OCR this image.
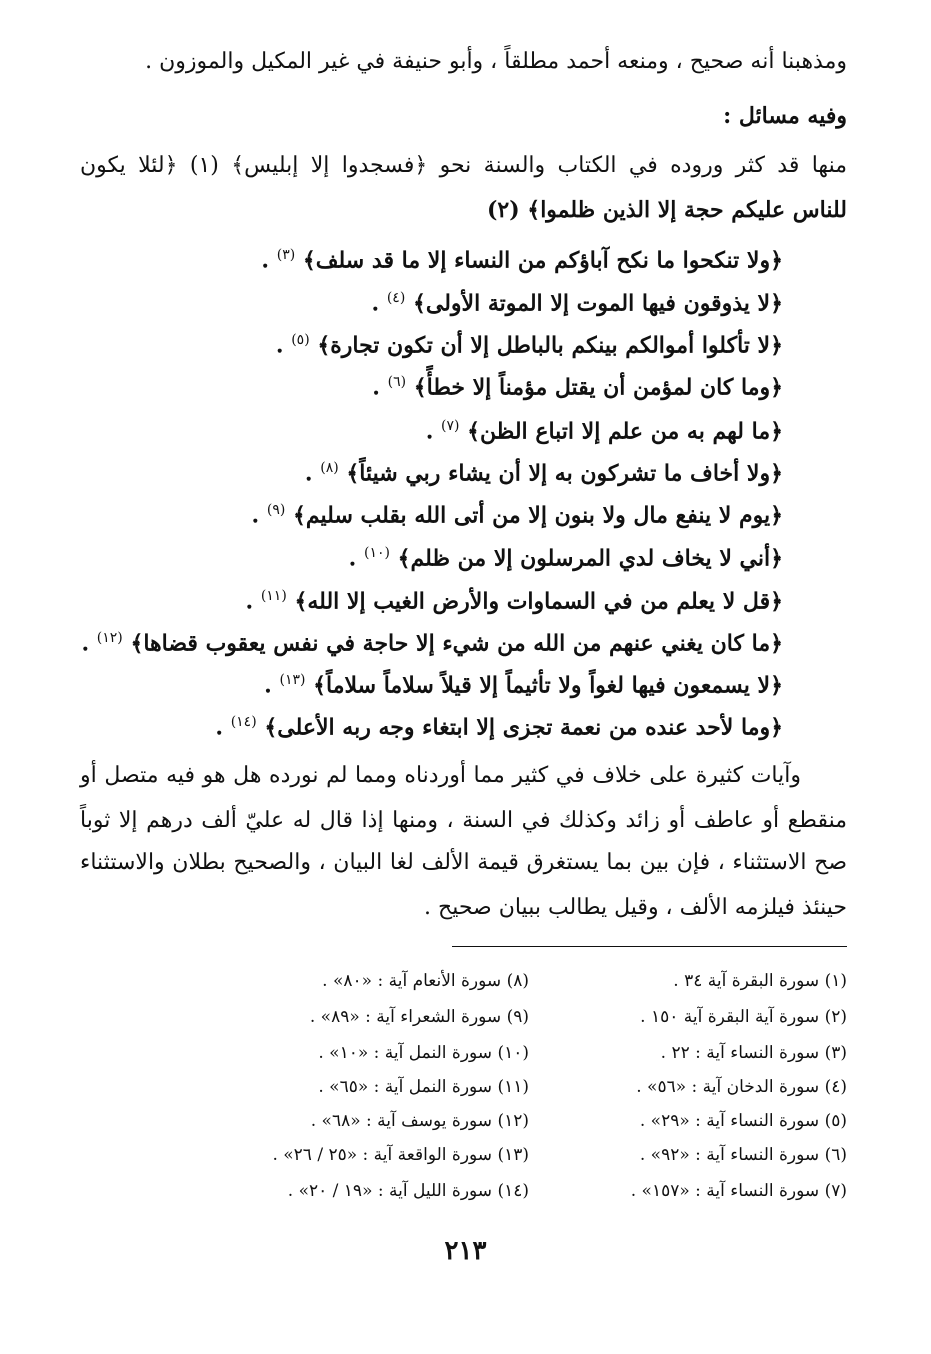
ومذهبنا أنه صحيح ، ومنعه أحمد مطلقاً ، وأبو حنيفة في غير المكيل والموزون .
وفيه مسائل :
منها قد كثر وروده في الكتاب والسنة نحو ﴿فسجدوا إلا إبليس﴾ (١) ﴿لئلا يكون
للناس عليكم حجة إلا الذين ظلموا﴾ (٢)
﴿ولا تنكحوا ما نكح آباؤكم من النساء إلا ما قد سلف﴾ $^{(٣)}$ .
﴿لا يذوقون فيها الموت إلا الموتة الأولى﴾ $^{(٤)}$ .
﴿لا تأكلوا أموالكم بينكم بالباطل إلا أن تكون تجارة﴾ $^{(٥)}$ .
﴿وما كان لمؤمن أن يقتل مؤمناً إلا خطأً﴾ $^{(٦)}$ .
﴿ما لهم به من علم إلا اتباع الظن﴾ $^{(٧)}$ .
﴿ولا أخاف ما تشركون به إلا أن يشاء ربي شيئاً﴾ $^{(٨)}$ .
﴿يوم لا ينفع مال ولا بنون إلا من أتى الله بقلب سليم﴾ $^{(٩)}$ .
﴿أني لا يخاف لدي المرسلون إلا من ظلم﴾ $^{(١٠)}$ .
﴿قل لا يعلم من في السماوات والأرض الغيب إلا الله﴾ $^{(١١)}$ .
﴿ما كان يغني عنهم من الله من شيء إلا حاجة في نفس يعقوب قضاها﴾ $^{(١٢)}$ .
﴿لا يسمعون فيها لغواً ولا تأثيماً إلا قيلاً سلاماً سلاماً﴾ $^{(١٣)}$ .
﴿وما لأحد عنده من نعمة تجزى إلا ابتغاء وجه ربه الأعلى﴾ $^{(١٤)}$ .
وآيات كثيرة على خلاف في كثير مما أوردناه ومما لم نورده هل هو فيه متصل أو
منقطع أو عاطف أو زائد وكذلك في السنة ، ومنها إذا قال له عليّ ألف درهم إلا ثوباً
صح الاستثناء ، فإن بين بما يستغرق قيمة الألف لغا البيان ، والصحيح بطلان والاستثناء
حينئذ فيلزمه الألف ، وقيل يطالب ببيان صحيح .
(١) سورة البقرة آية ٣٤ .
(٢) سورة آية البقرة آية ١٥٠ .
(٣) سورة النساء آية : ٢٢ .
(٤) سورة الدخان آية : «٥٦» .
(٥) سورة النساء آية : «٢٩» .
(٦) سورة النساء آية : «٩٢» .
(٧) سورة النساء آية : «١٥٧» .
(٨) سورة الأنعام آية : «٨٠» .
(٩) سورة الشعراء آية : «٨٩» .
(١٠) سورة النمل آية : «١٠» .
(١١) سورة النمل آية : «٦٥» .
(١٢) سورة يوسف آية : «٦٨» .
(١٣) سورة الواقعة آية : «٢٥ / ٢٦» .
(١٤) سورة الليل آية : «١٩ / ٢٠» .
٢١٣
